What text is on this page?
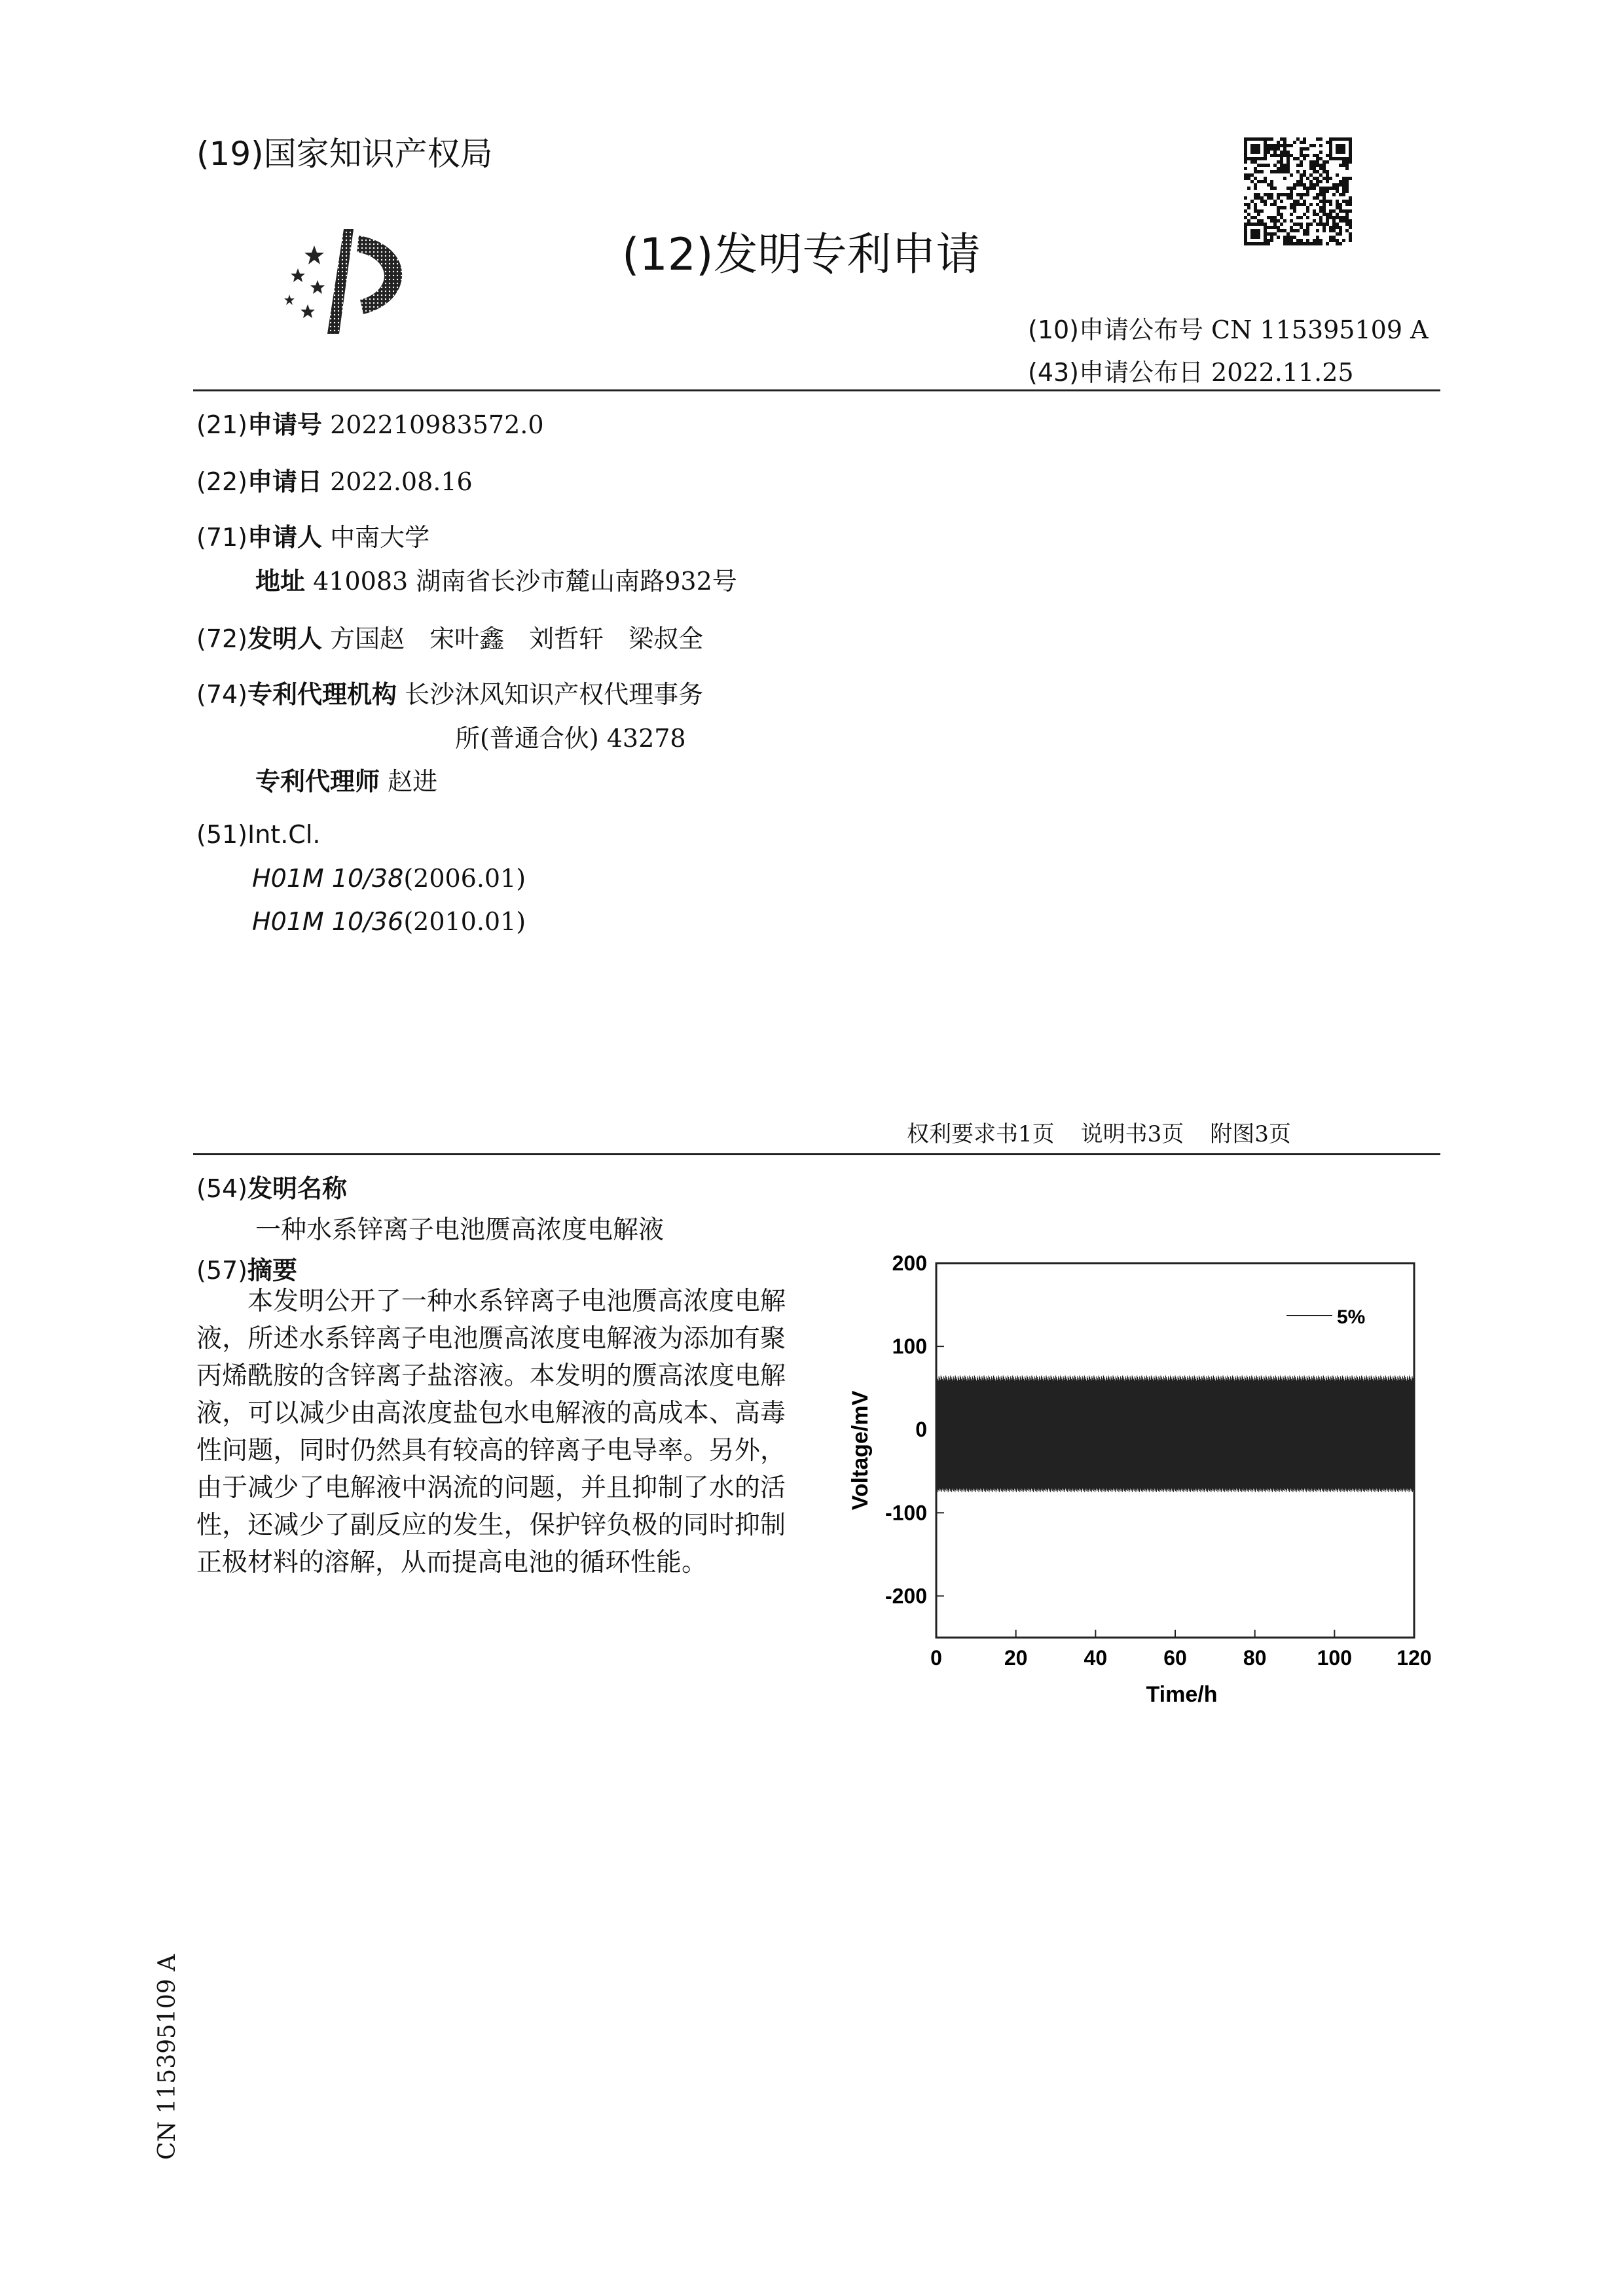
(19)国家知识产权局
(12)发明专利申请
(10)申请公布号 CN 115395109 A
(43)申请公布日 2022.11.25
(21)申请号 202210983572.0
(22)申请日 2022.08.16
(71)申请人 中南大学
地址 410083 湖南省长沙市麓山南路932号
(72)发明人 方国赵　宋叶鑫　刘哲轩　梁叔全
(74)专利代理机构 长沙沐风知识产权代理事务
所(普通合伙) 43278
专利代理师 赵进
(51)Int.Cl.
H01M 10/38(2006.01)
H01M 10/36(2010.01)
权利要求书1页 说明书3页 附图3页
(54)发明名称
一种水系锌离子电池赝高浓度电解液
(57)摘要
本发明公开了一种水系锌离子电池赝高浓度电解液，所述水系锌离子电池赝高浓度电解液为添加有聚丙烯酰胺的含锌离子盐溶液。本发明的赝高浓度电解液，可以减少由高浓度盐包水电解液的高成本、高毒性问题，同时仍然具有较高的锌离子电导率。另外，由于减少了电解液中涡流的问题，并且抑制了水的活性，还减少了副反应的发生，保护锌负极的同时抑制正极材料的溶解，从而提高电池的循环性能。
0	20	40	60	80 100 120
200
100
0
-100
-200
Time/h
Voltage/mV
5%
CN 115395109 A
